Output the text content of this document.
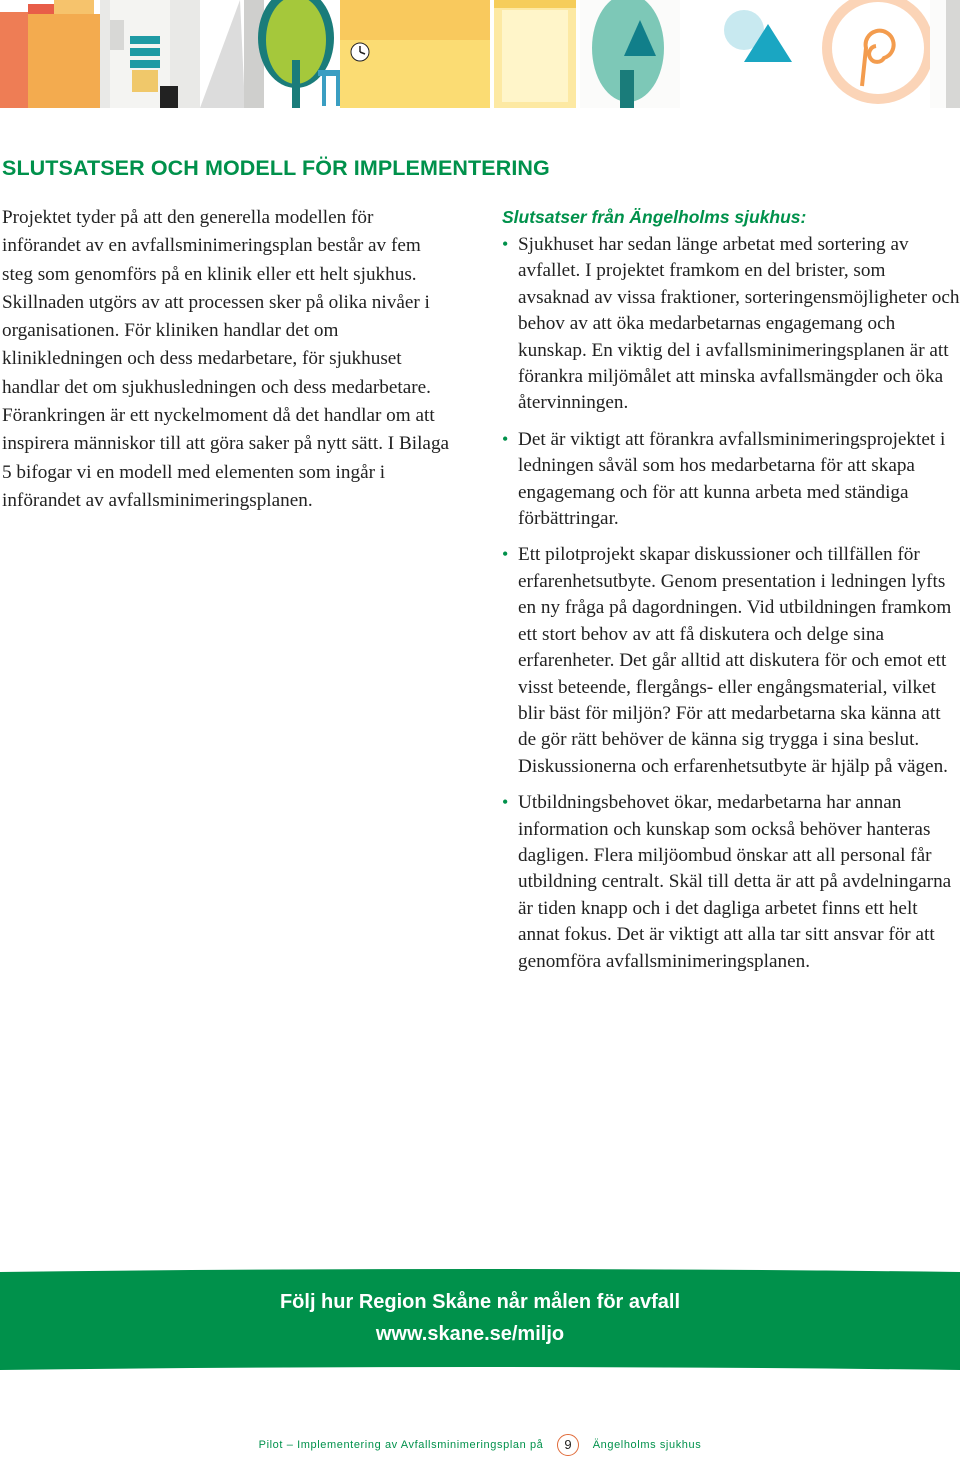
SLUTSATSER OCH MODELL FÖR IMPLEMENTERING

Projektet tyder på att den generella modellen för införandet av en avfallsminimeringsplan består av fem steg som genomförs på en klinik eller ett helt sjukhus. Skillnaden utgörs av att processen sker på olika nivåer i organisationen. För kliniken handlar det om klinikledningen och dess medarbetare, för sjukhuset handlar det om sjukhusledningen och dess medarbetare. Förankringen är ett nyckelmoment då det handlar om att inspirera människor till att göra saker på nytt sätt. I Bilaga 5 bifogar vi en modell med elementen som ingår i införandet av avfallsminimeringsplanen.

Slutsatser från Ängelholms sjukhus:
• Sjukhuset har sedan länge arbetat med sortering av avfallet. I projektet framkom en del brister, som avsaknad av vissa fraktioner, sorteringensmöjligheter och behov av att öka medarbetarnas engagemang och kunskap. En viktig del i avfallsminimeringsplanen är att förankra miljömålet att minska avfallsmängder och öka återvinningen.
• Det är viktigt att förankra avfallsminimeringsprojektet i ledningen såväl som hos medarbetarna för att skapa engagemang och för att kunna arbeta med ständiga förbättringar.
• Ett pilotprojekt skapar diskussioner och tillfällen för erfarenhetsutbyte. Genom presentation i ledningen lyfts en ny fråga på dagordningen. Vid utbildningen framkom ett stort behov av att få diskutera och delge sina erfarenheter. Det går alltid att diskutera för och emot ett visst beteende, flergångs- eller engångsmaterial, vilket blir bäst för miljön? För att medarbetarna ska känna att de gör rätt behöver de känna sig trygga i sina beslut. Diskussionerna och erfarenhetsutbyte är hjälp på vägen.
• Utbildningsbehovet ökar, medarbetarna har annan information och kunskap som också behöver hanteras dagligen. Flera miljöombud önskar att all personal får utbildning centralt. Skäl till detta är att på avdelningarna är tiden knapp och i det dagliga arbetet finns ett helt annat fokus. Det är viktigt att alla tar sitt ansvar för att genomföra avfallsminimeringsplanen.
Följ hur Region Skåne når målen för avfall
www.skane.se/miljo
Pilot – Implementering av Avfallsminimeringsplan på 9 Ängelholms sjukhus
